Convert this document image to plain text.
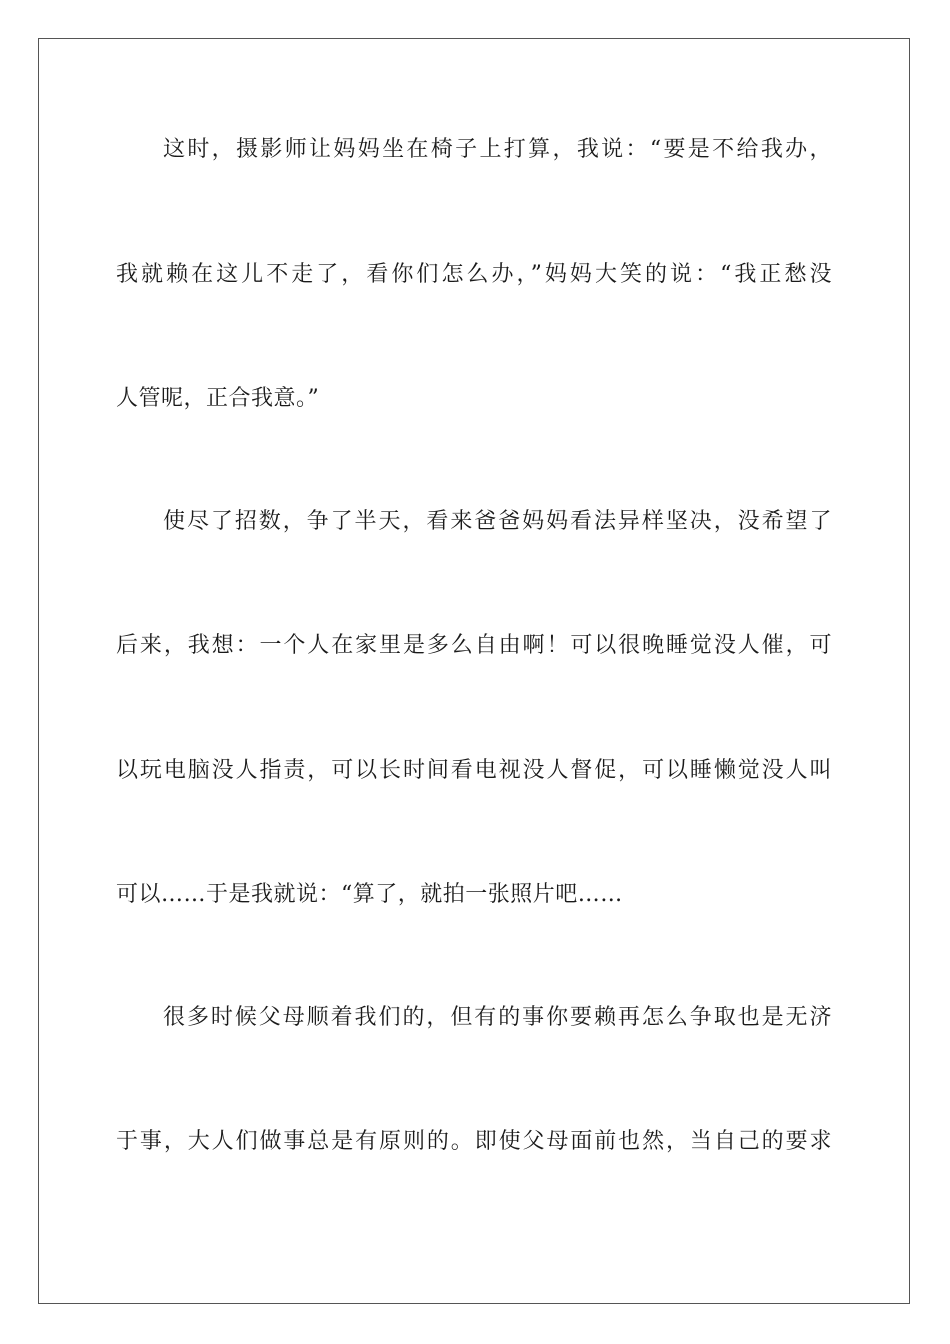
这时，摄影师让妈妈坐在椅子上打算，我说：“要是不给我办，
我就赖在这儿不走了，看你们怎么办，”妈妈大笑的说：“我正愁没
人管呢，正合我意。”
使尽了招数，争了半天，看来爸爸妈妈看法异样坚决，没希望了
后来，我想：一个人在家里是多么自由啊！可以很晚睡觉没人催，可
以玩电脑没人指责，可以长时间看电视没人督促，可以睡懒觉没人叫
可以……于是我就说：“算了，就拍一张照片吧……
很多时候父母顺着我们的，但有的事你要赖再怎么争取也是无济
于事，大人们做事总是有原则的。即使父母面前也然，当自己的要求
